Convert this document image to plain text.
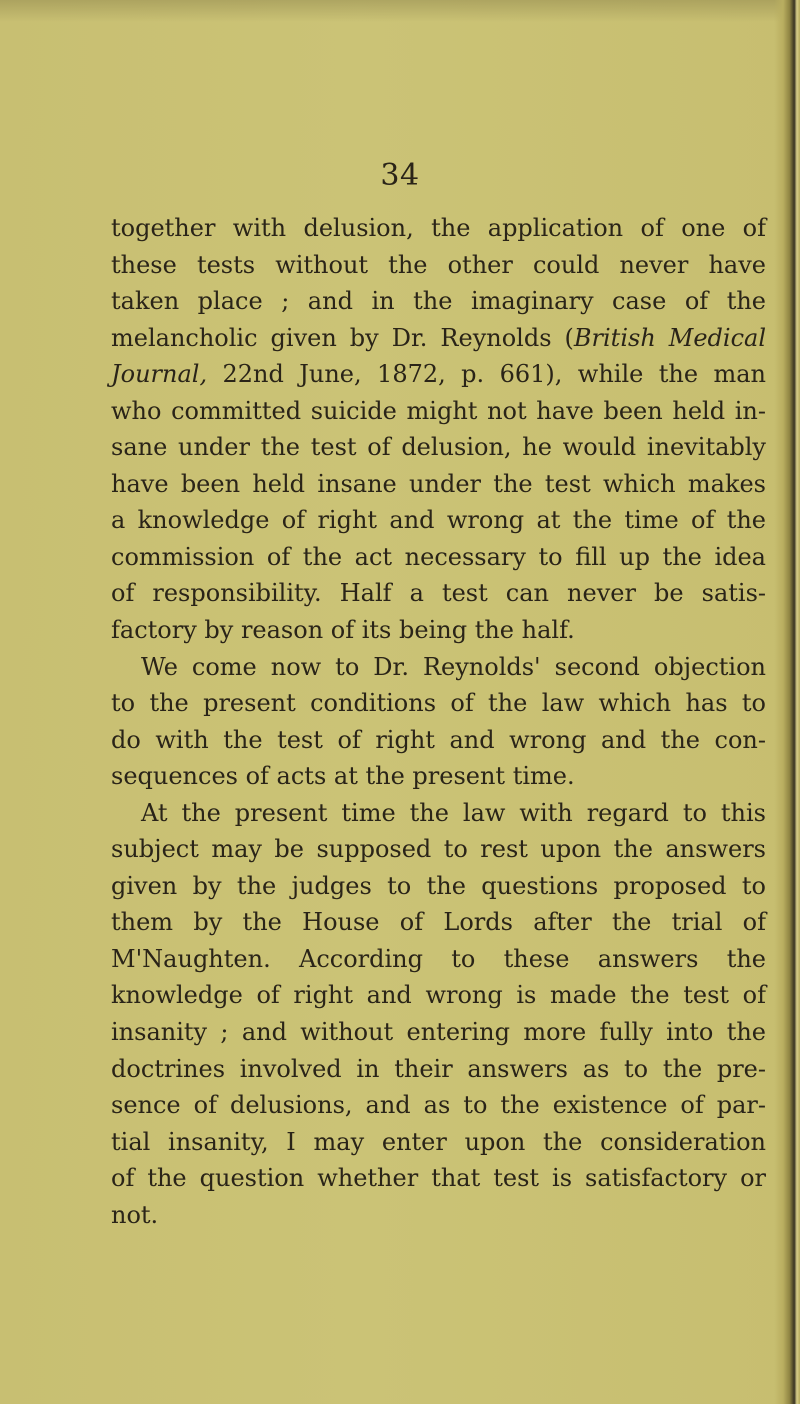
34
together with delusion, the application of one of
these tests without the other could never have
taken place ; and in the imaginary case of the
melancholic given by Dr. Reynolds (British Medical
Journal, 22nd June, 1872, p. 661), while the man
who committed suicide might not have been held in-
sane under the test of delusion, he would inevitably
have been held insane under the test which makes
a knowledge of right and wrong at the time of the
commission of the act necessary to fill up the idea
of responsibility. Half a test can never be satis-
factory by reason of its being the half.
We come now to Dr. Reynolds' second objection
to the present conditions of the law which has to
do with the test of right and wrong and the con-
sequences of acts at the present time.
At the present time the law with regard to this
subject may be supposed to rest upon the answers
given by the judges to the questions proposed to
them by the House of Lords after the trial of
M'Naughten. According to these answers the
knowledge of right and wrong is made the test of
insanity ; and without entering more fully into the
doctrines involved in their answers as to the pre-
sence of delusions, and as to the existence of par-
tial insanity, I may enter upon the consideration
of the question whether that test is satisfactory or
not.
